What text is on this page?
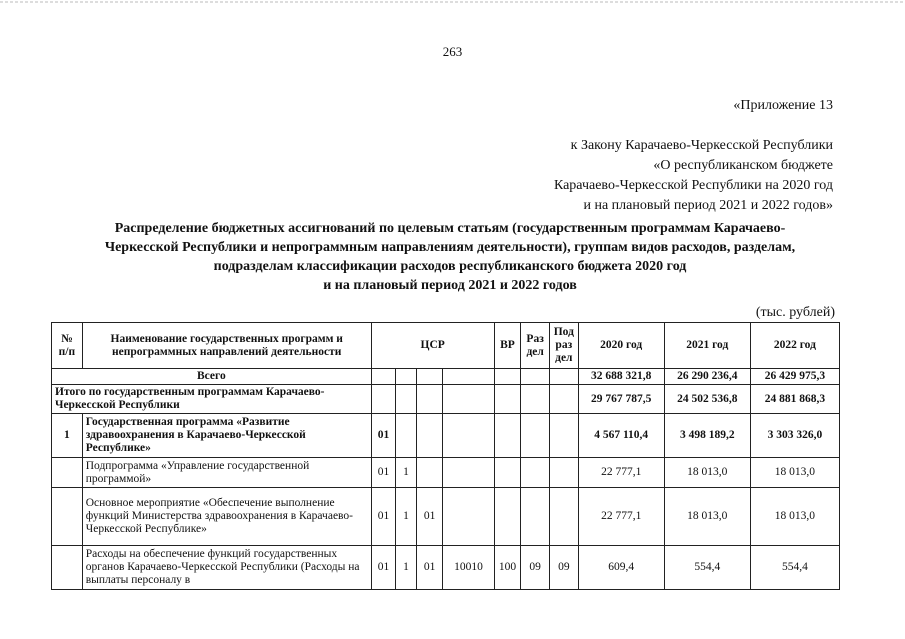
263
«Приложение 13
к Закону Карачаево-Черкесской Республики
«О республиканском бюджете
Карачаево-Черкесской Республики на 2020 год
и на плановый период 2021 и 2022 годов»
Распределение бюджетных ассигнований по целевым статьям (государственным программам Карачаево-
Черкесской Республики и непрограммным направлениям деятельности), группам видов расходов, разделам,
подразделам классификации расходов республиканского бюджета 2020 год
и на плановый период 2021 и 2022 годов
(тыс. рублей)
№ п/п	Наименование государственных программ и непрограммных направлений деятельности	ЦСР				ВР	Раз дел	Под раз дел	2020 год	2021 год	2022 год
Всего									32 688 321,8	26 290 236,4	26 429 975,3
Итого по государственным программам Карачаево-Черкесской Республики									29 767 787,5	24 502 536,8	24 881 868,3
1	Государственная программа «Развитие здравоохранения в Карачаево-Черкесской Республике»	01							4 567 110,4	3 498 189,2	3 303 326,0
	Подпрограмма «Управление государственной программой»	01	1						22 777,1	18 013,0	18 013,0
	Основное мероприятие «Обеспечение выполнение функций Министерства здравоохранения в Карачаево-Черкесской Республике»	01	1	01					22 777,1	18 013,0	18 013,0
	Расходы на обеспечение функций государственных органов Карачаево-Черкесской Республики (Расходы на выплаты персоналу в	01	1	01	10010	100	09	09	609,4	554,4	554,4
